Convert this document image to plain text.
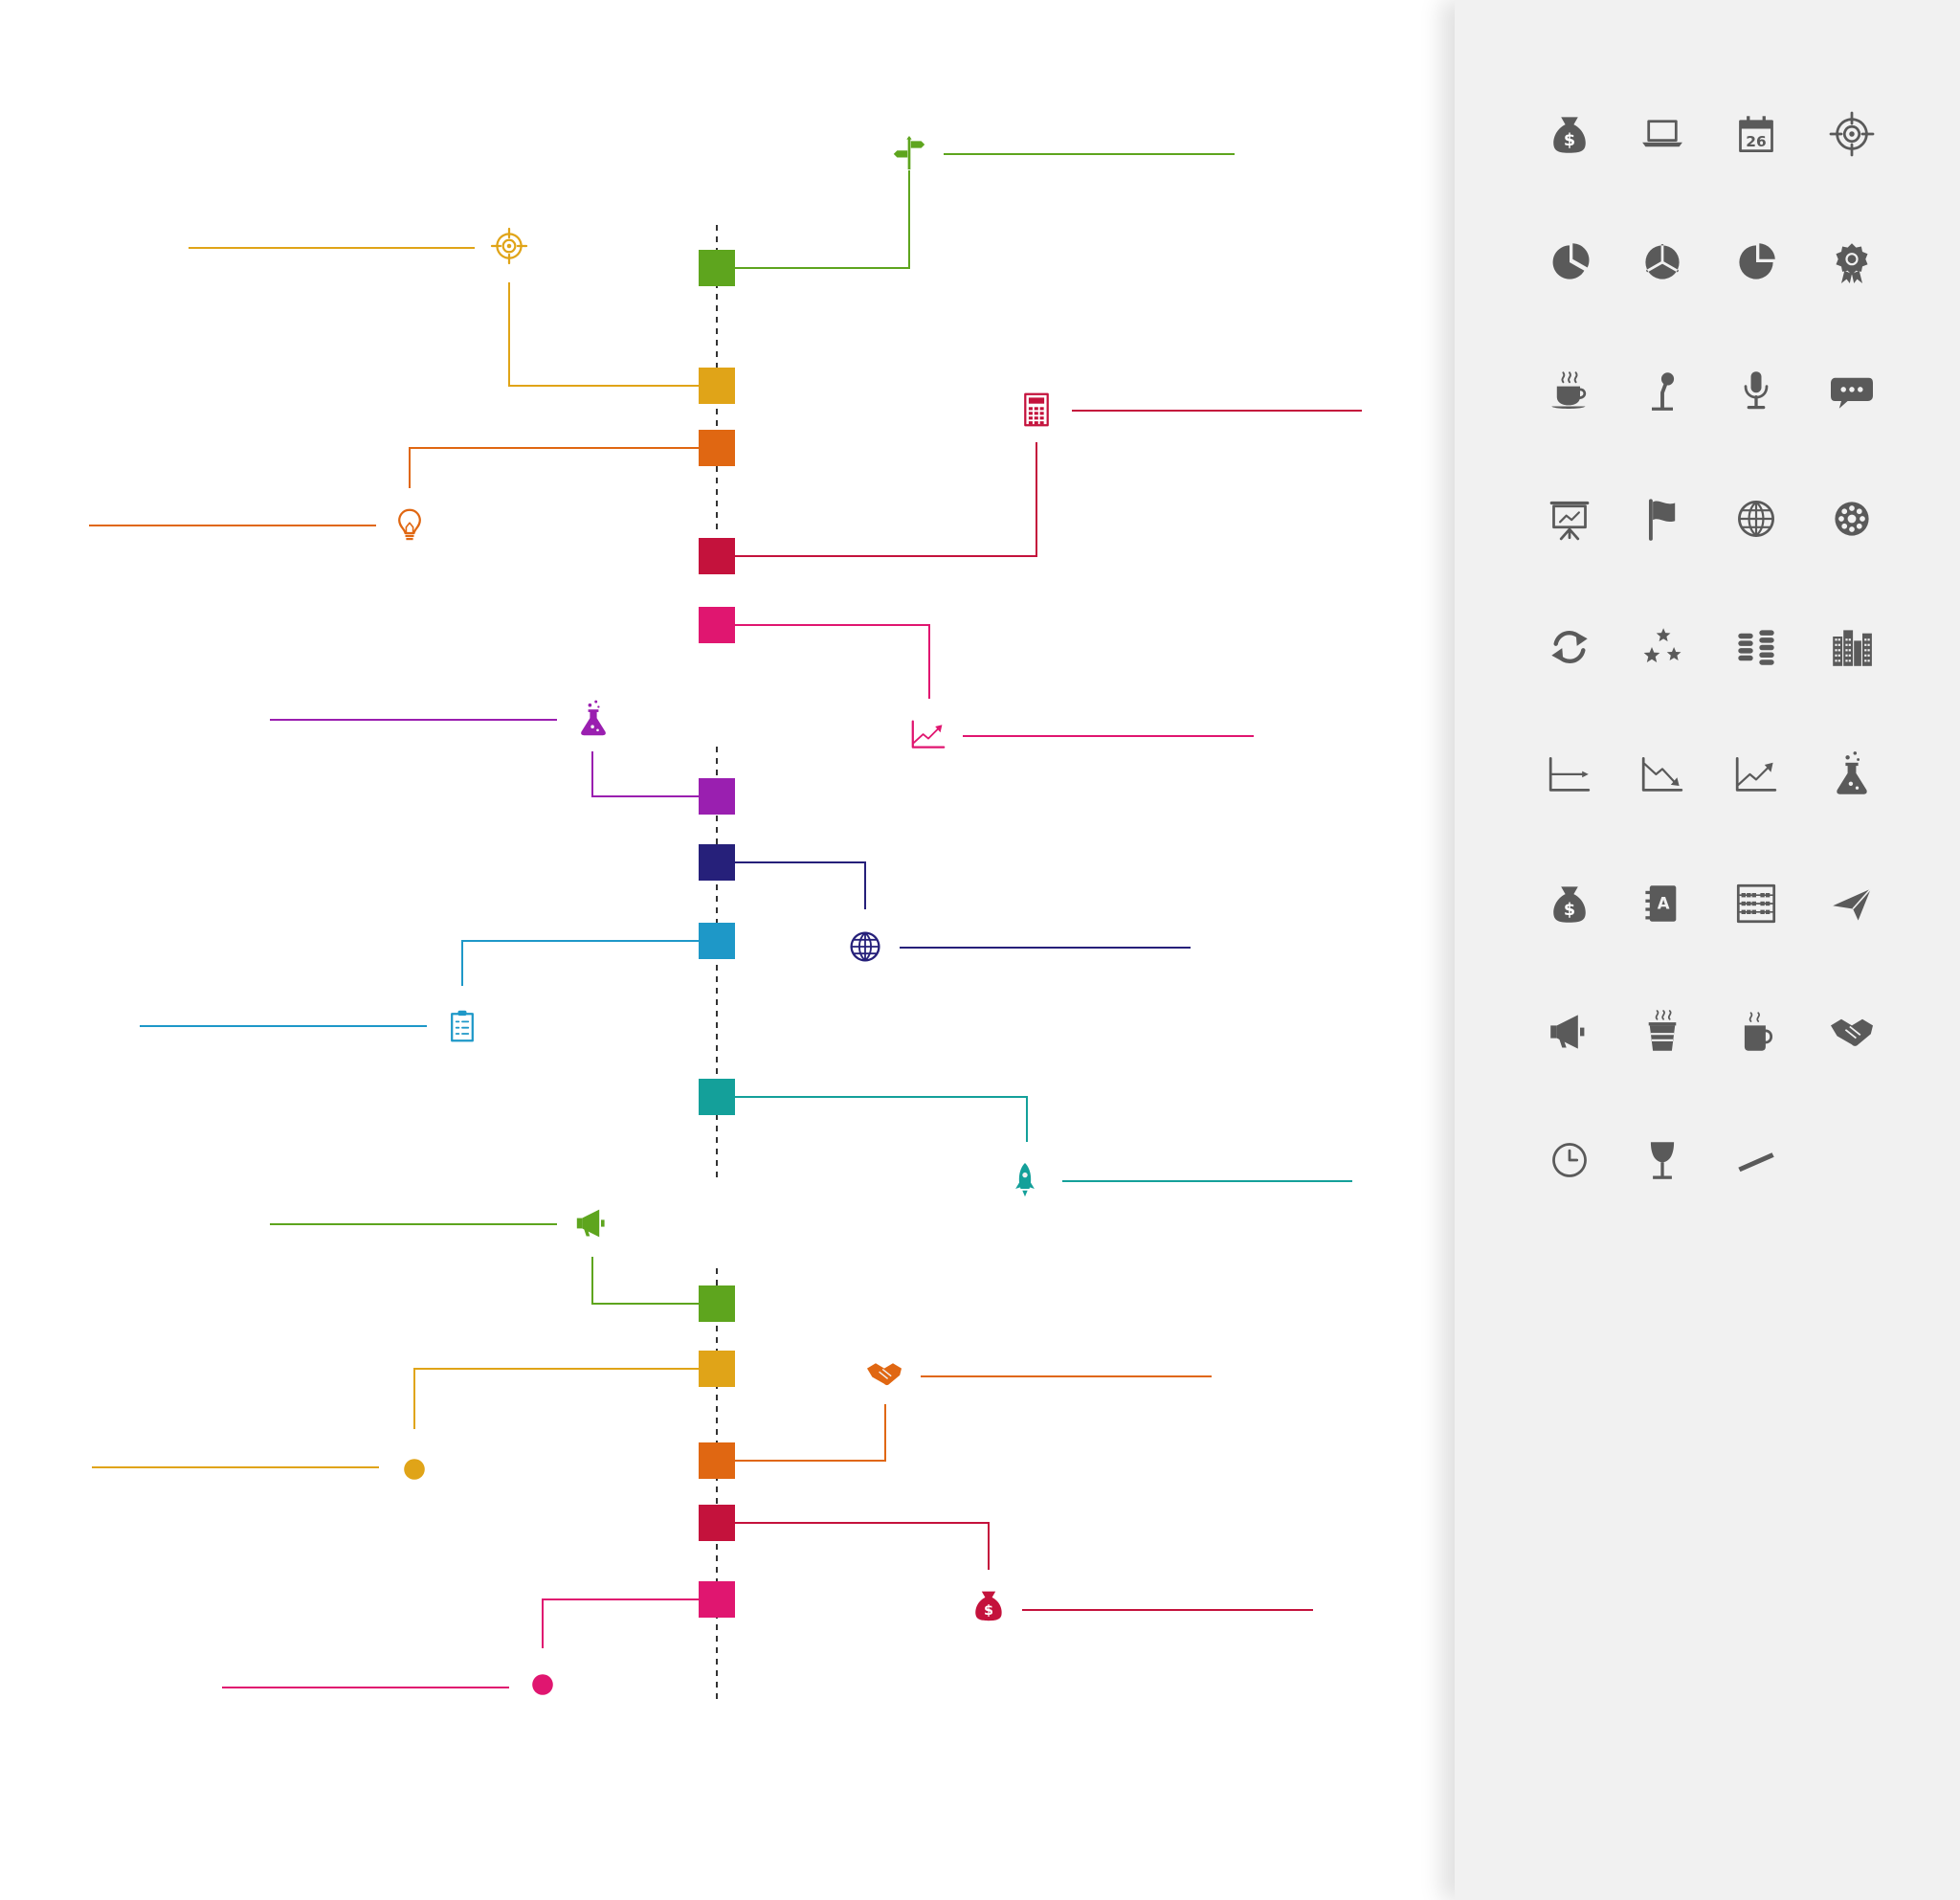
$
$	26
$	A
